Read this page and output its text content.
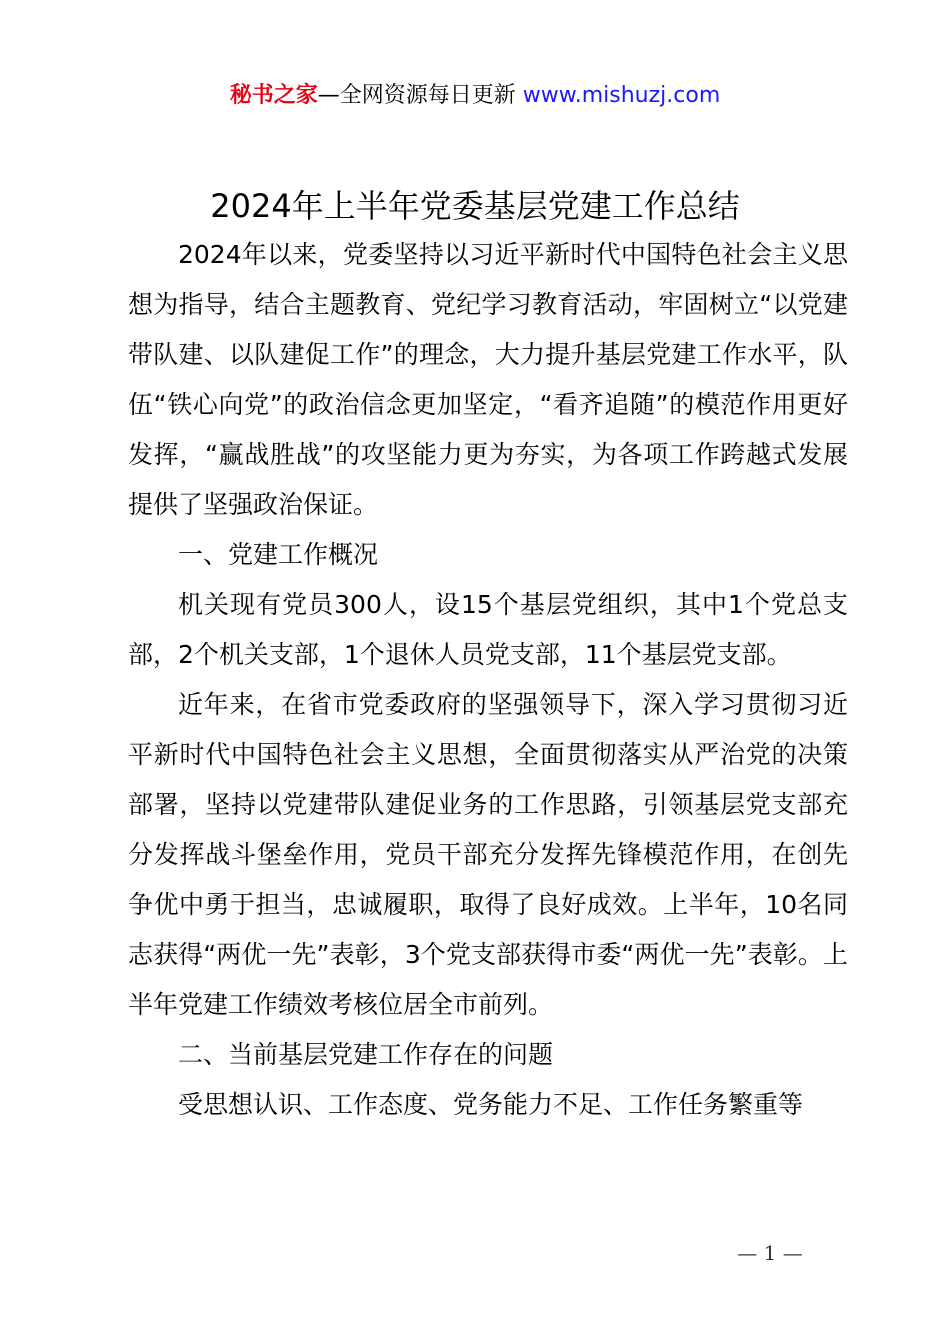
秘书之家—全网资源每日更新 www.mishuzj.com
2024年上半年党委基层党建工作总结

2024年以来，党委坚持以习近平新时代中国特色社会主义思想为指导，结合主题教育、党纪学习教育活动，牢固树立“以党建带队建、以队建促工作”的理念，大力提升基层党建工作水平，队伍“铁心向党”的政治信念更加坚定，“看齐追随”的模范作用更好发挥，“赢战胜战”的攻坚能力更为夯实，为各项工作跨越式发展提供了坚强政治保证。

一、党建工作概况

机关现有党员300人，设15个基层党组织，其中1个党总支部，2个机关支部，1个退休人员党支部，11个基层党支部。

近年来，在省市党委政府的坚强领导下，深入学习贯彻习近平新时代中国特色社会主义思想，全面贯彻落实从严治党的决策部署，坚持以党建带队建促业务的工作思路，引领基层党支部充分发挥战斗堡垒作用，党员干部充分发挥先锋模范作用，在创先争优中勇于担当，忠诚履职，取得了良好成效。上半年，10名同志获得“两优一先”表彰，3个党支部获得市委“两优一先”表彰。上半年党建工作绩效考核位居全市前列。

二、当前基层党建工作存在的问题

受思想认识、工作态度、党务能力不足、工作任务繁重等

— 1 —
